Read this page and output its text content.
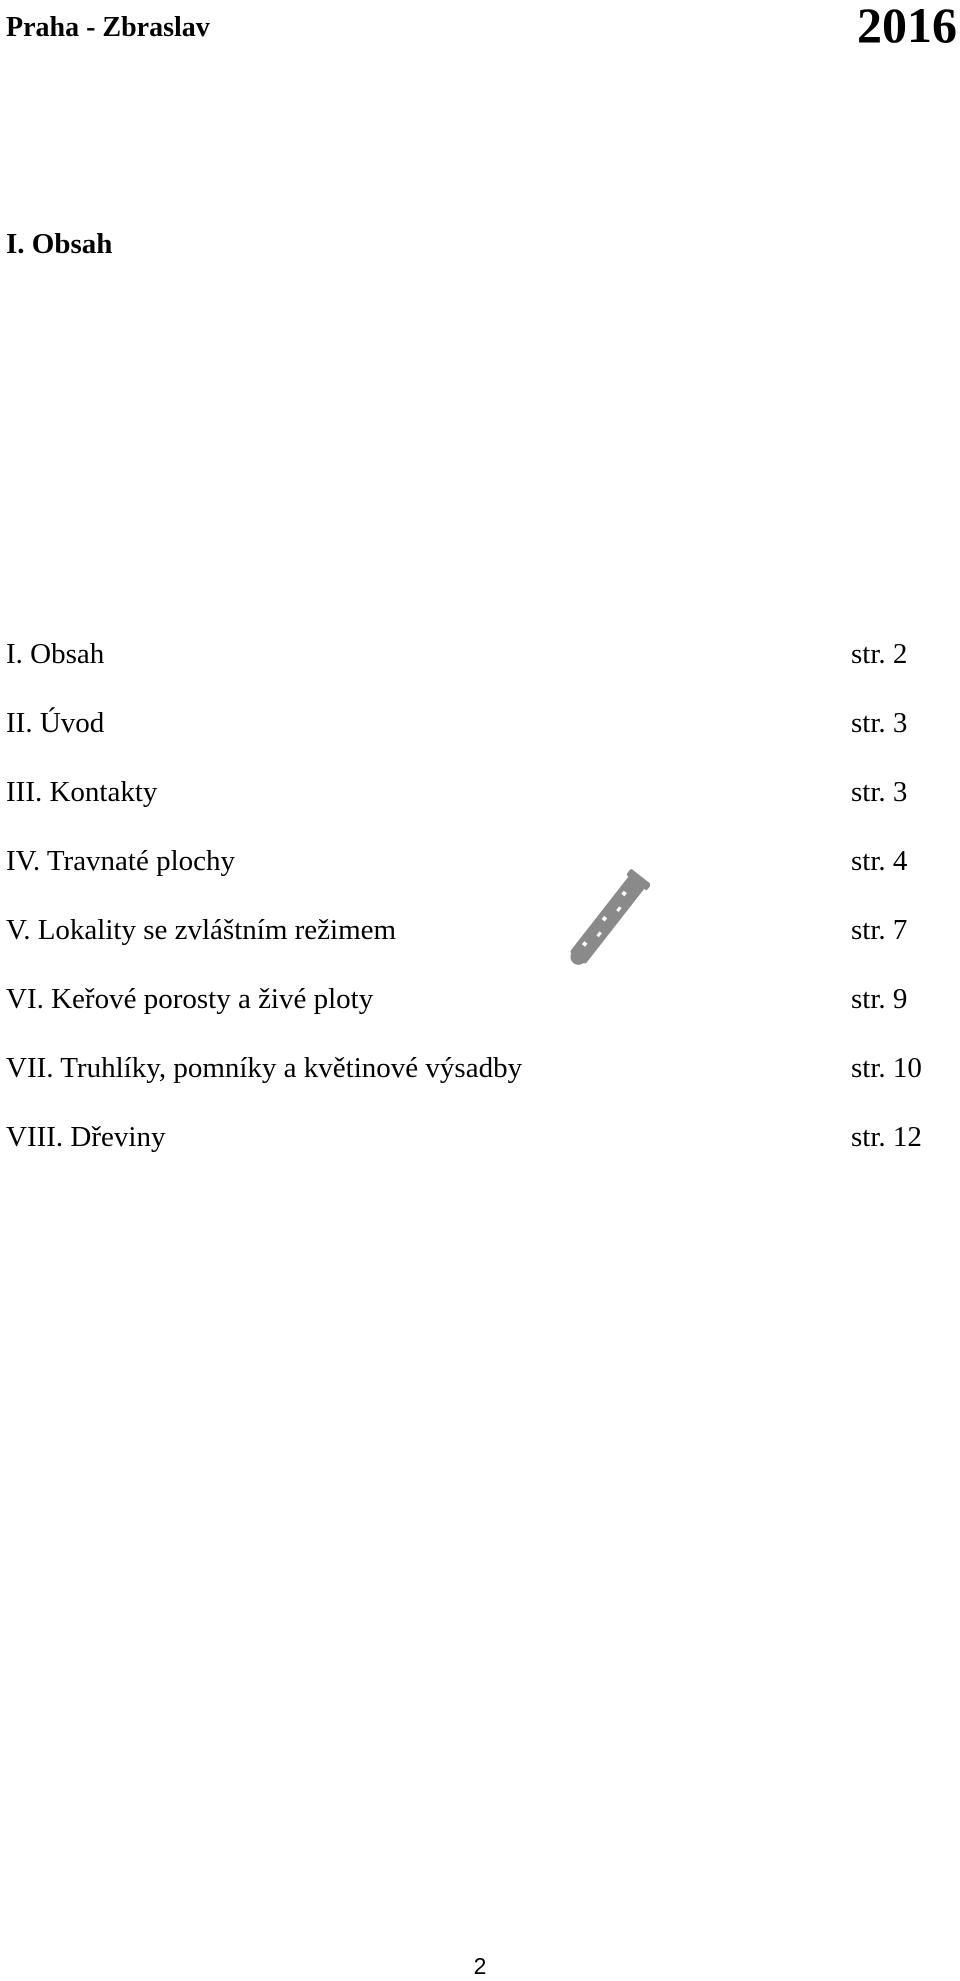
Praha - Zbraslav	2016
I. Obsah
I. Obsah	str. 2
II. Úvod	str. 3
III. Kontakty	str. 3
IV. Travnaté plochy	str. 4
V. Lokality se zvláštním režimem	str. 7
VI. Keřové porosty a živé ploty	str. 9
VII. Truhlíky, pomníky a květinové výsadby	str. 10
VIII. Dřeviny	str. 12
2
